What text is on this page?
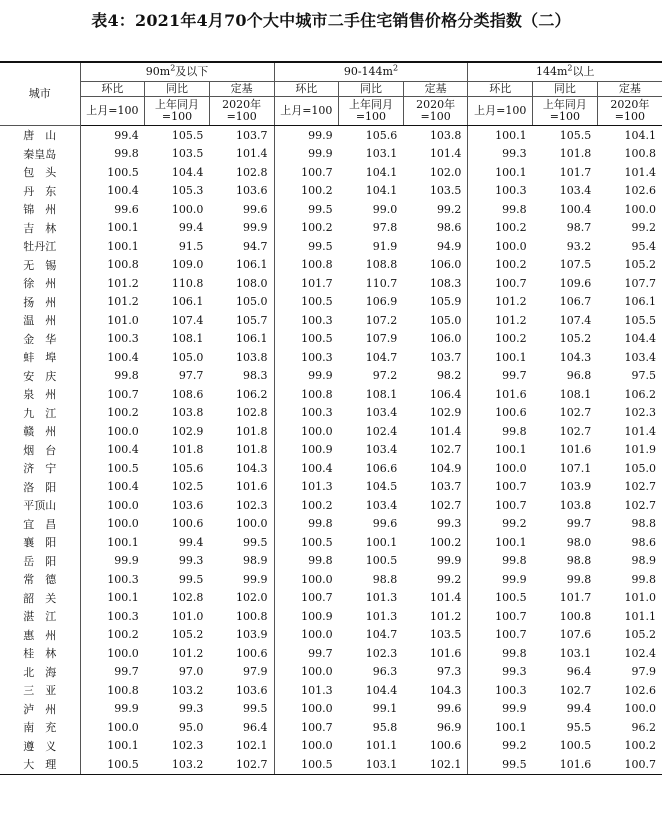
表4：2021年4月70个大中城市二手住宅销售价格分类指数（二）
城市	$90m^2$及以下			$90-144m^2$			$144m^2$以上		
	环比	同比	定基	环比	同比	定基	环比	同比	定基
	上月=100	上年同月=100	2020年=100	上月=100	上年同月=100	2020年=100	上月=100	上年同月=100	2020年=100
唐　山	99.4	105.5	103.7	99.9	105.6	103.8	100.1	105.5	104.1
秦皇岛	99.8	103.5	101.4	99.9	103.1	101.4	99.3	101.8	100.8
包　头	100.5	104.4	102.8	100.7	104.1	102.0	100.1	101.7	101.4
丹　东	100.4	105.3	103.6	100.2	104.1	103.5	100.3	103.4	102.6
锦　州	99.6	100.0	99.6	99.5	99.0	99.2	99.8	100.4	100.0
吉　林	100.1	99.4	99.9	100.2	97.8	98.6	100.2	98.7	99.2
牡丹江	100.1	91.5	94.7	99.5	91.9	94.9	100.0	93.2	95.4
无　锡	100.8	109.0	106.1	100.8	108.8	106.0	100.2	107.5	105.2
徐　州	101.2	110.8	108.0	101.7	110.7	108.3	100.7	109.6	107.7
扬　州	101.2	106.1	105.0	100.5	106.9	105.9	101.2	106.7	106.1
温　州	101.0	107.4	105.7	100.3	107.2	105.0	101.2	107.4	105.5
金　华	100.3	108.1	106.1	100.5	107.9	106.0	100.2	105.2	104.4
蚌　埠	100.4	105.0	103.8	100.3	104.7	103.7	100.1	104.3	103.4
安　庆	99.8	97.7	98.3	99.9	97.2	98.2	99.7	96.8	97.5
泉　州	100.7	108.6	106.2	100.8	108.1	106.4	101.6	108.1	106.2
九　江	100.2	103.8	102.8	100.3	103.4	102.9	100.6	102.7	102.3
赣　州	100.0	102.9	101.8	100.0	102.4	101.4	99.8	102.7	101.4
烟　台	100.4	101.8	101.8	100.9	103.4	102.7	100.1	101.6	101.9
济　宁	100.5	105.6	104.3	100.4	106.6	104.9	100.0	107.1	105.0
洛　阳	100.4	102.5	101.6	101.3	104.5	103.7	100.7	103.9	102.7
平顶山	100.0	103.6	102.3	100.2	103.4	102.7	100.7	103.8	102.7
宜　昌	100.0	100.6	100.0	99.8	99.6	99.3	99.2	99.7	98.8
襄　阳	100.1	99.4	99.5	100.5	100.1	100.2	100.1	98.0	98.6
岳　阳	99.9	99.3	98.9	99.8	100.5	99.9	99.8	98.8	98.9
常　德	100.3	99.5	99.9	100.0	98.8	99.2	99.9	99.8	99.8
韶　关	100.1	102.8	102.0	100.7	101.3	101.4	100.5	101.7	101.0
湛　江	100.3	101.0	100.8	100.9	101.3	101.2	100.7	100.8	101.1
惠　州	100.2	105.2	103.9	100.0	104.7	103.5	100.7	107.6	105.2
桂　林	100.0	101.2	100.6	99.7	102.3	101.6	99.8	103.1	102.4
北　海	99.7	97.0	97.9	100.0	96.3	97.3	99.3	96.4	97.9
三　亚	100.8	103.2	103.6	101.3	104.4	104.3	100.3	102.7	102.6
泸　州	99.9	99.3	99.5	100.0	99.1	99.6	99.9	99.4	100.0
南　充	100.0	95.0	96.4	100.7	95.8	96.9	100.1	95.5	96.2
遵　义	100.1	102.3	102.1	100.0	101.1	100.6	99.2	100.5	100.2
大　理	100.5	103.2	102.7	100.5	103.1	102.1	99.5	101.6	100.7
